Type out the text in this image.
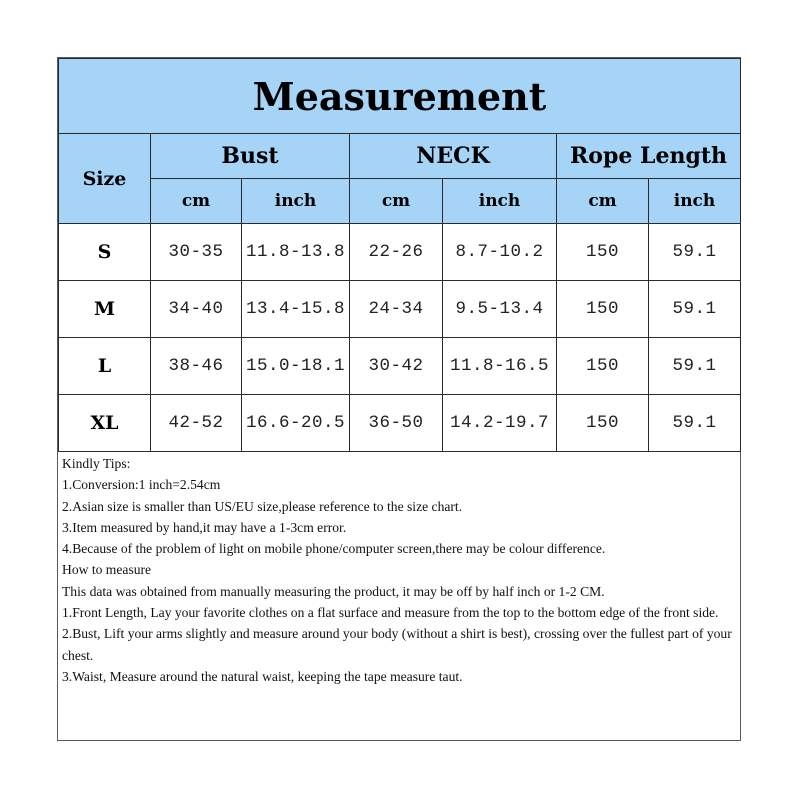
Measurement						
Size	Bust		NECK		Rope Length	
	cm	inch	cm	inch	cm	inch
S	30-35	11.8-13.8	22-26	8.7-10.2	150	59.1
M	34-40	13.4-15.8	24-34	9.5-13.4	150	59.1
L	38-46	15.0-18.1	30-42	11.8-16.5	150	59.1
XL	42-52	16.6-20.5	36-50	14.2-19.7	150	59.1

Kindly Tips:

1.Conversion:1 inch=2.54cm

2.Asian size is smaller than US/EU size,please reference to the size chart.

3.Item measured by hand,it may have a 1-3cm error.

4.Because of the problem of light on mobile phone/computer screen,there may be colour difference.

How to measure

This data was obtained from manually measuring the product, it may be off by half inch or 1-2 CM.

1.Front Length, Lay your favorite clothes on a flat surface and measure from the top to the bottom edge of the front side.

2.Bust, Lift your arms slightly and measure around your body (without a shirt is best), crossing over the fullest part of your chest.

3.Waist, Measure around the natural waist, keeping the tape measure taut.
